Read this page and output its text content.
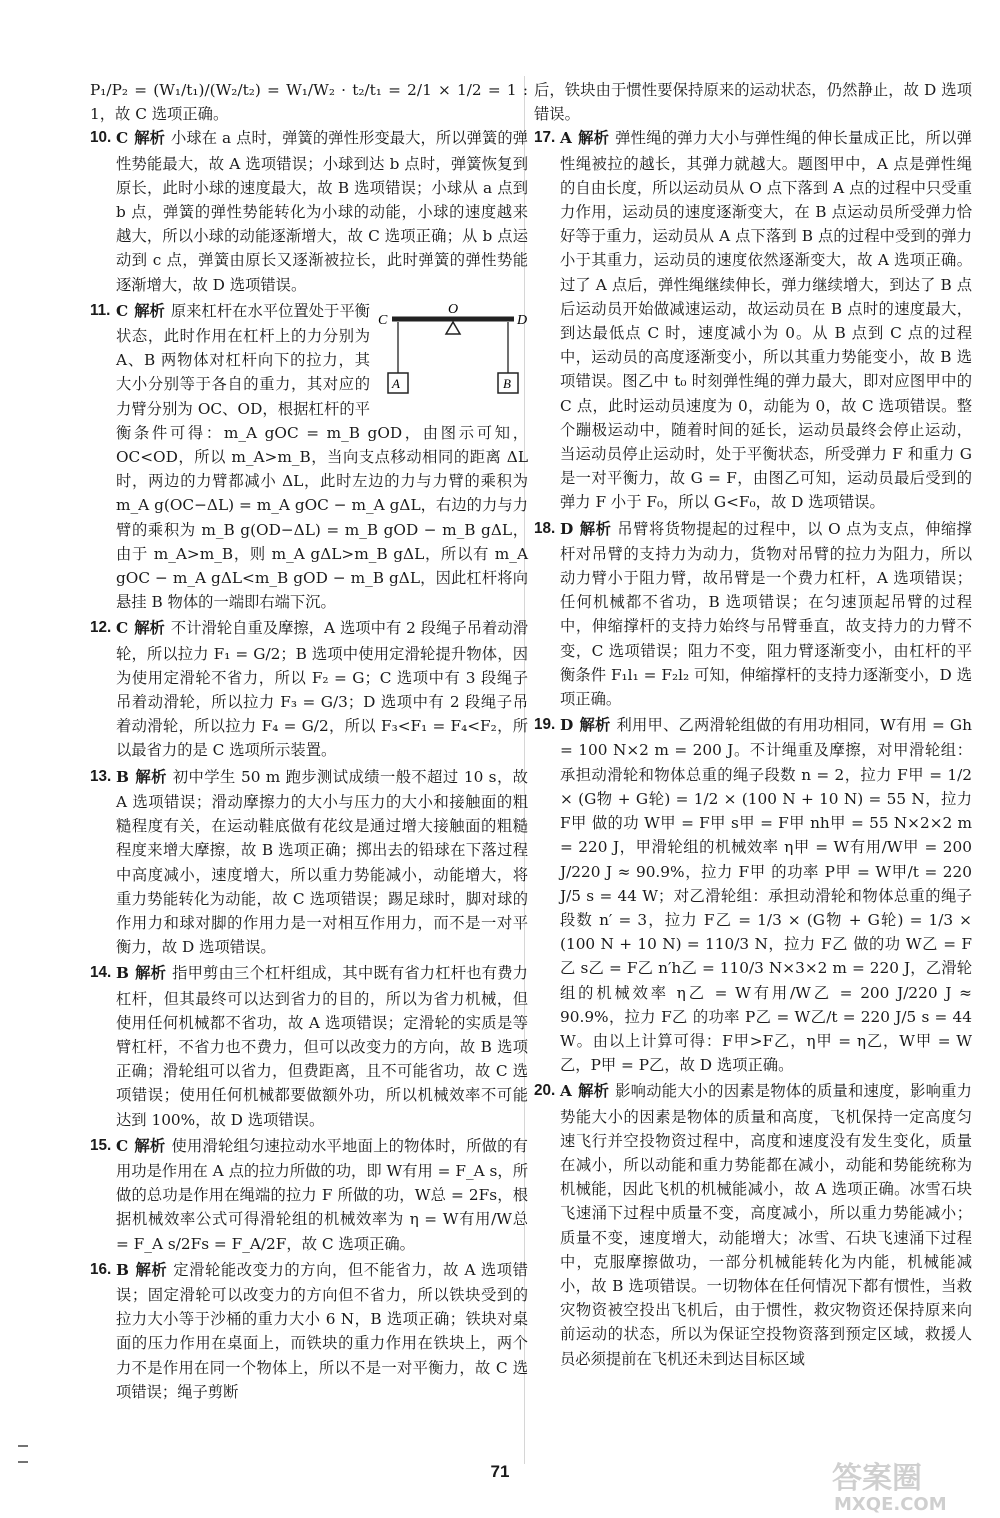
P₁/P₂ = (W₁/t₁)/(W₂/t₂) = W₁/W₂ · t₂/t₁ = 2/1 × 1/2 = 1 : 1，故 C 选项正确。
10. C 解析 小球在 a 点时，弹簧的弹性形变最大，所以弹簧的弹性势能最大，故 A 选项错误；小球到达 b 点时，弹簧恢复到原长，此时小球的速度最大，故 B 选项错误；小球从 a 点到 b 点，弹簧的弹性势能转化为小球的动能，小球的速度越来越大，所以小球的动能逐渐增大，故 C 选项正确；从 b 点运动到 c 点，弹簧由原长又逐渐被拉长，此时弹簧的弹性势能逐渐增大，故 D 选项错误。
11.
C
O
D
A	B
C 解析 原来杠杆在水平位置处于平衡状态，此时作用在杠杆上的力分别为 A、B 两物体对杠杆向下的拉力，其大小分别等于各自的重力，其对应的力臂分别为 OC、OD，根据杠杆的平衡条件可得：m_A gOC = m_B gOD，由图示可知，OC<OD，所以 m_A>m_B，当向支点移动相同的距离 ΔL 时，两边的力臂都减小 ΔL，此时左边的力与力臂的乘积为 m_A g(OC−ΔL) = m_A gOC − m_A gΔL，右边的力与力臂的乘积为 m_B g(OD−ΔL) = m_B gOD − m_B gΔL，由于 m_A>m_B，则 m_A gΔL>m_B gΔL，所以有 m_A gOC − m_A gΔL<m_B gOD − m_B gΔL，因此杠杆将向悬挂 B 物体的一端即右端下沉。
12. C 解析 不计滑轮自重及摩擦，A 选项中有 2 段绳子吊着动滑轮，所以拉力 F₁ = G/2；B 选项中使用定滑轮提升物体，因为使用定滑轮不省力，所以 F₂ = G；C 选项中有 3 段绳子吊着动滑轮，所以拉力 F₃ = G/3；D 选项中有 2 段绳子吊着动滑轮，所以拉力 F₄ = G/2，所以 F₃<F₁ = F₄<F₂，所以最省力的是 C 选项所示装置。
13. B 解析 初中学生 50 m 跑步测试成绩一般不超过 10 s，故 A 选项错误；滑动摩擦力的大小与压力的大小和接触面的粗糙程度有关，在运动鞋底做有花纹是通过增大接触面的粗糙程度来增大摩擦，故 B 选项正确；掷出去的铅球在下落过程中高度减小，速度增大，所以重力势能减小，动能增大，将重力势能转化为动能，故 C 选项错误；踢足球时，脚对球的作用力和球对脚的作用力是一对相互作用力，而不是一对平衡力，故 D 选项错误。
14. B 解析 指甲剪由三个杠杆组成，其中既有省力杠杆也有费力杠杆，但其最终可以达到省力的目的，所以为省力机械，但使用任何机械都不省功，故 A 选项错误；定滑轮的实质是等臂杠杆，不省力也不费力，但可以改变力的方向，故 B 选项正确；滑轮组可以省力，但费距离，且不可能省功，故 C 选项错误；使用任何机械都要做额外功，所以机械效率不可能达到 100%，故 D 选项错误。
15. C 解析 使用滑轮组匀速拉动水平地面上的物体时，所做的有用功是作用在 A 点的拉力所做的功，即 W有用 = F_A s，所做的总功是作用在绳端的拉力 F 所做的功，W总 = 2Fs，根据机械效率公式可得滑轮组的机械效率为 η = W有用/W总 = F_A s/2Fs = F_A/2F，故 C 选项正确。
16. B 解析 定滑轮能改变力的方向，但不能省力，故 A 选项错误；固定滑轮可以改变力的方向但不省力，所以铁块受到的拉力大小等于沙桶的重力大小 6 N，B 选项正确；铁块对桌面的压力作用在桌面上，而铁块的重力作用在铁块上，两个力不是作用在同一个物体上，所以不是一对平衡力，故 C 选项错误；绳子剪断
后，铁块由于惯性要保持原来的运动状态，仍然静止，故 D 选项错误。
17. A 解析 弹性绳的弹力大小与弹性绳的伸长量成正比，所以弹性绳被拉的越长，其弹力就越大。题图甲中，A 点是弹性绳的自由长度，所以运动员从 O 点下落到 A 点的过程中只受重力作用，运动员的速度逐渐变大，在 B 点运动员所受弹力恰好等于重力，运动员从 A 点下落到 B 点的过程中受到的弹力小于其重力，运动员的速度依然逐渐变大，故 A 选项正确。过了 A 点后，弹性绳继续伸长，弹力继续增大，到达了 B 点后运动员开始做减速运动，故运动员在 B 点时的速度最大，到达最低点 C 时，速度减小为 0。从 B 点到 C 点的过程中，运动员的高度逐渐变小，所以其重力势能变小，故 B 选项错误。图乙中 t₀ 时刻弹性绳的弹力最大，即对应图甲中的 C 点，此时运动员速度为 0，动能为 0，故 C 选项错误。整个蹦极运动中，随着时间的延长，运动员最终会停止运动，当运动员停止运动时，处于平衡状态，所受弹力 F 和重力 G 是一对平衡力，故 G = F，由图乙可知，运动员最后受到的弹力 F 小于 F₀，所以 G<F₀，故 D 选项错误。
18. D 解析 吊臂将货物提起的过程中，以 O 点为支点，伸缩撑杆对吊臂的支持力为动力，货物对吊臂的拉力为阻力，所以动力臂小于阻力臂，故吊臂是一个费力杠杆，A 选项错误；任何机械都不省功，B 选项错误；在匀速顶起吊臂的过程中，伸缩撑杆的支持力始终与吊臂垂直，故支持力的力臂不变，C 选项错误；阻力不变，阻力臂逐渐变小，由杠杆的平衡条件 F₁l₁ = F₂l₂ 可知，伸缩撑杆的支持力逐渐变小，D 选项正确。
19. D 解析 利用甲、乙两滑轮组做的有用功相同，W有用 = Gh = 100 N×2 m = 200 J。不计绳重及摩擦，对甲滑轮组：承担动滑轮和物体总重的绳子段数 n = 2，拉力 F甲 = 1/2 × (G物 + G轮) = 1/2 × (100 N + 10 N) = 55 N，拉力 F甲 做的功 W甲 = F甲 s甲 = F甲 nh甲 = 55 N×2×2 m = 220 J，甲滑轮组的机械效率 η甲 = W有用/W甲 = 200 J/220 J ≈ 90.9%，拉力 F甲 的功率 P甲 = W甲/t = 220 J/5 s = 44 W；对乙滑轮组：承担动滑轮和物体总重的绳子段数 n′ = 3，拉力 F乙 = 1/3 × (G物 + G轮) = 1/3 × (100 N + 10 N) = 110/3 N，拉力 F乙 做的功 W乙 = F乙 s乙 = F乙 n′h乙 = 110/3 N×3×2 m = 220 J，乙滑轮组的机械效率 η乙 = W有用/W乙 = 200 J/220 J ≈ 90.9%，拉力 F乙 的功率 P乙 = W乙/t = 220 J/5 s = 44 W。由以上计算可得：F甲>F乙，η甲 = η乙，W甲 = W乙，P甲 = P乙，故 D 选项正确。
20. A 解析 影响动能大小的因素是物体的质量和速度，影响重力势能大小的因素是物体的质量和高度，飞机保持一定高度匀速飞行并空投物资过程中，高度和速度没有发生变化，质量在减小，所以动能和重力势能都在减小，动能和势能统称为机械能，因此飞机的机械能减小，故 A 选项正确。冰雪石块飞速涌下过程中质量不变，高度减小，所以重力势能减小；质量不变，速度增大，动能增大；冰雪、石块飞速涌下过程中，克服摩擦做功，一部分机械能转化为内能，机械能减小，故 B 选项错误。一切物体在任何情况下都有惯性，当救灾物资被空投出飞机后，由于惯性，救灾物资还保持原来向前运动的状态，所以为保证空投物资落到预定区域，救援人员必须提前在飞机还未到达目标区域
71	答案圈
MXQE.COM
